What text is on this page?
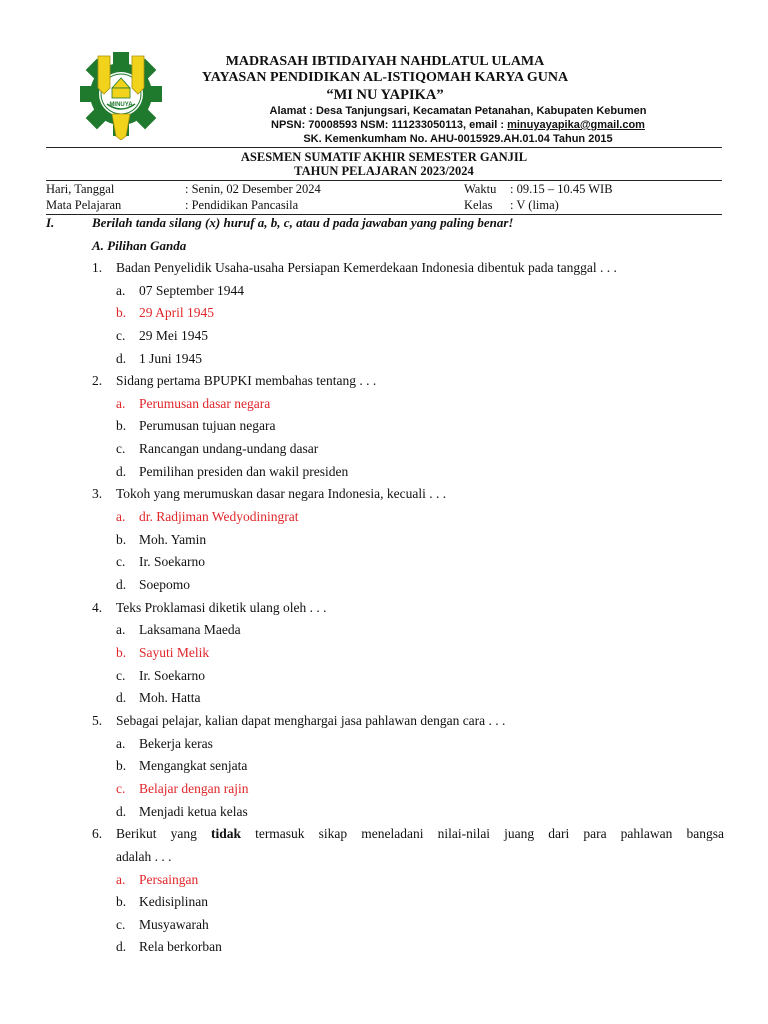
MINUYA
MADRASAH IBTIDAIYAH NAHDLATUL ULAMA
YAYASAN PENDIDIKAN AL-ISTIQOMAH KARYA GUNA
“MI NU YAPIKA”
Alamat : Desa Tanjungsari, Kecamatan Petanahan, Kabupaten Kebumen
NPSN: 70008593 NSM: 111233050113, email : minuyayapika@gmail.com
SK. Kemenkumham No. AHU-0015929.AH.01.04 Tahun 2015
ASESMEN SUMATIF AKHIR SEMESTER GANJIL
TAHUN PELAJARAN 2023/2024
Hari, Tanggal	: Senin, 02 Desember 2024	Waktu : 09.15 – 10.45 WIB
Mata Pelajaran	: Pendidikan Pancasila	Kelas : V (lima)
I.	Berilah tanda silang (x) huruf a, b, c, atau d pada jawaban yang paling benar!
A. Pilihan Ganda
1. Badan Penyelidik Usaha-usaha Persiapan Kemerdekaan Indonesia dibentuk pada tanggal . . .
a. 07 September 1944
b. 29 April 1945
c. 29 Mei 1945
d. 1 Juni 1945
2. Sidang pertama BPUPKI membahas tentang . . .
a. Perumusan dasar negara
b. Perumusan tujuan negara
c. Rancangan undang-undang dasar
d. Pemilihan presiden dan wakil presiden
3. Tokoh yang merumuskan dasar negara Indonesia, kecuali . . .
a. dr. Radjiman Wedyodiningrat
b. Moh. Yamin
c. Ir. Soekarno
d. Soepomo
4. Teks Proklamasi diketik ulang oleh . . .
a. Laksamana Maeda
b. Sayuti Melik
c. Ir. Soekarno
d. Moh. Hatta
5. Sebagai pelajar, kalian dapat menghargai jasa pahlawan dengan cara . . .
a. Bekerja keras
b. Mengangkat senjata
c. Belajar dengan rajin
d. Menjadi ketua kelas
6. Berikut yang tidak termasuk sikap meneladani nilai-nilai juang dari para pahlawan bangsa
adalah . . .
a. Persaingan
b. Kedisiplinan
c. Musyawarah
d. Rela berkorban
